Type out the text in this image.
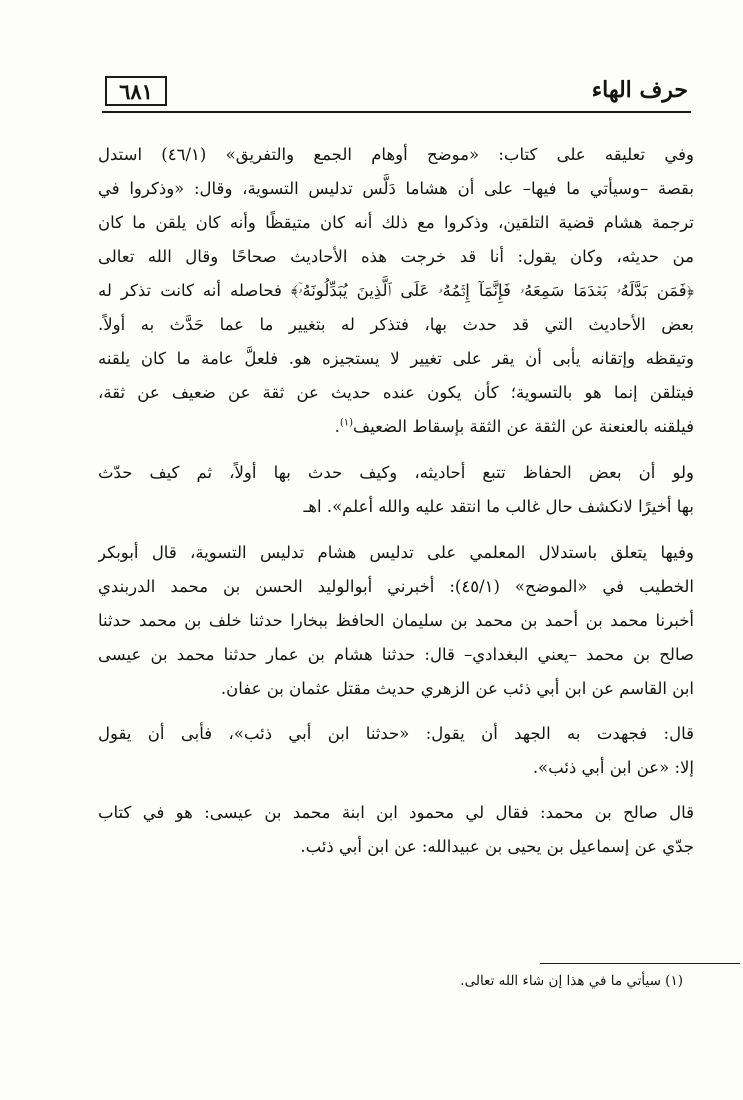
٦٨١	حرف الهاء
وفي تعليقه على كتاب: «موضح أوهام الجمع والتفريق» (٤٦/١) استدل
بقصة –وسيأتي ما فيها– على أن هشاما دَلَّس تدليس التسوية، وقال: «وذكروا في
ترجمة هشام قضية التلقين، وذكروا مع ذلك أنه كان متيقظًا وأنه كان يلقن ما كان
من حديثه، وكان يقول: أنا قد خرجت هذه الأحاديث صحاحًا وقال الله تعالى
﴿فَمَن بَدَّلَهُۥ بَعۡدَمَا سَمِعَهُۥ فَإِنَّمَآ إِثۡمُهُۥ عَلَى ٱلَّذِينَ يُبَدِّلُونَهُۥٓ﴾ فحاصله أنه كانت تذكر له
بعض الأحاديث التي قد حدث بها، فتذكر له بتغيير ما عما حَدَّث به أولاً.
وتيقظه وإتقانه يأبى أن يقر على تغيير لا يستجيزه هو. فلعلَّ عامة ما كان يلقنه
فيتلقن إنما هو بالتسوية؛ كأن يكون عنده حديث عن ثقة عن ضعيف عن ثقة،
فيلقنه بالعنعنة عن الثقة عن الثقة بإسقاط الضعيف$^{(١)}$.
ولو أن بعض الحفاظ تتبع أحاديثه، وكيف حدث بها أولاً، ثم كيف حدّث
بها أخيرًا لانكشف حال غالب ما انتقد عليه والله أعلم». اهـ
وفيها يتعلق باستدلال المعلمي على تدليس هشام تدليس التسوية، قال أبوبكر
الخطيب في «الموضح» (٤٥/١): أخبرني أبوالوليد الحسن بن محمد الدربندي
أخبرنا محمد بن أحمد بن محمد بن سليمان الحافظ ببخارا حدثنا خلف بن محمد حدثنا
صالح بن محمد –يعني البغدادي– قال: حدثنا هشام بن عمار حدثنا محمد بن عيسى
ابن القاسم عن ابن أبي ذئب عن الزهري حديث مقتل عثمان بن عفان.
قال: فجهدت به الجهد أن يقول: «حدثنا ابن أبي ذئب»، فأبى أن يقول
إلا: «عن ابن أبي ذئب».
قال صالح بن محمد: فقال لي محمود ابن ابنة محمد بن عيسى: هو في كتاب
جدّي عن إسماعيل بن يحيى بن عبيدالله: عن ابن أبي ذئب.
(١) سيأتي ما في هذا إن شاء الله تعالى.
